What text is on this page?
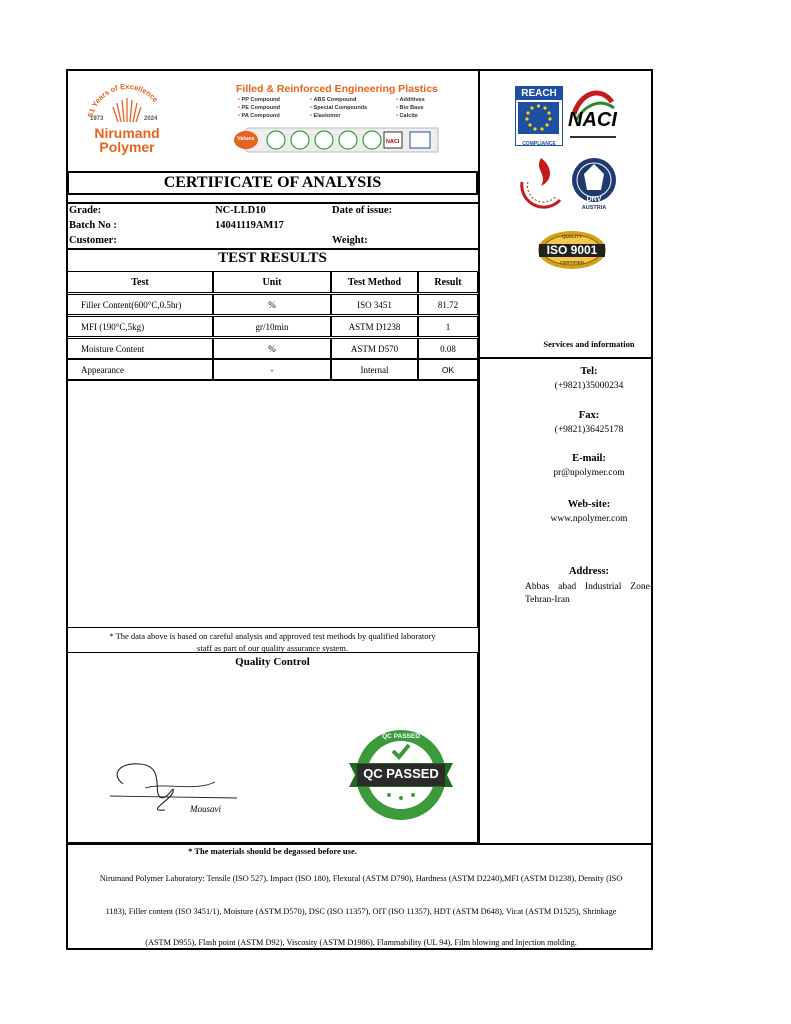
51 Years of Excellence
1973	2024
Nirumand
Polymer
Filled & Reinforced Engineering Plastics
• PP Compound	• ABS Compound	• Additives
• PE Compound	• Special Compounds	• Bio Base
• PA Compound	• Elastomer	• Calcite
NACI
Values
REACH
COMPLIANCE
NACI
DNV
AUSTRIA
ISO 9001
QUALITY
CERTIFIED
CERTIFICATE OF ANALYSIS
Grade:	NC-LLD10	Date of issue:
Batch No :	14041119AM17
Customer:	Weight:
TEST RESULTS
Test	Unit	Test Method	Result
Filler Content(600°C,0.5hr)	%	ISO 3451	81.72
MFI (190°C,5kg)	gr/10min	ASTM D1238	1
Moisture Content	%	ASTM D570	0.08
Appearance	-	Internal	OK
* The data above is based on careful analysis and approved test methods by qualified laboratory
staff as part of our quality assurance system.
Quality Control
Mousavi
QC PASSED
QC PASSED
* The materials should be degassed before use.
Nirumand Polymer Laboratory: Tensile (ISO 527), Impact (ISO 180), Flexural (ASTM D790), Hardness (ASTM D2240),MFI (ASTM D1238), Density (ISO
1183), Filler content (ISO 3451/1), Moisture (ASTM D570), DSC (ISO 11357), OIT (ISO 11357), HDT (ASTM D648), Vicat (ASTM D1525), Shrinkage
(ASTM D955), Flash point (ASTM D92), Viscosity (ASTM D1986), Flammability (UL 94), Film blowing and Injection molding.
Services and information
Tel:
(+9821)35000234
Fax:
(+9821)36425178
E-mail:
pr@npolymer.com
Web-site:
www.npolymer.com
Address:
Abbas abad Industrial Zone-Tehran-Iran
